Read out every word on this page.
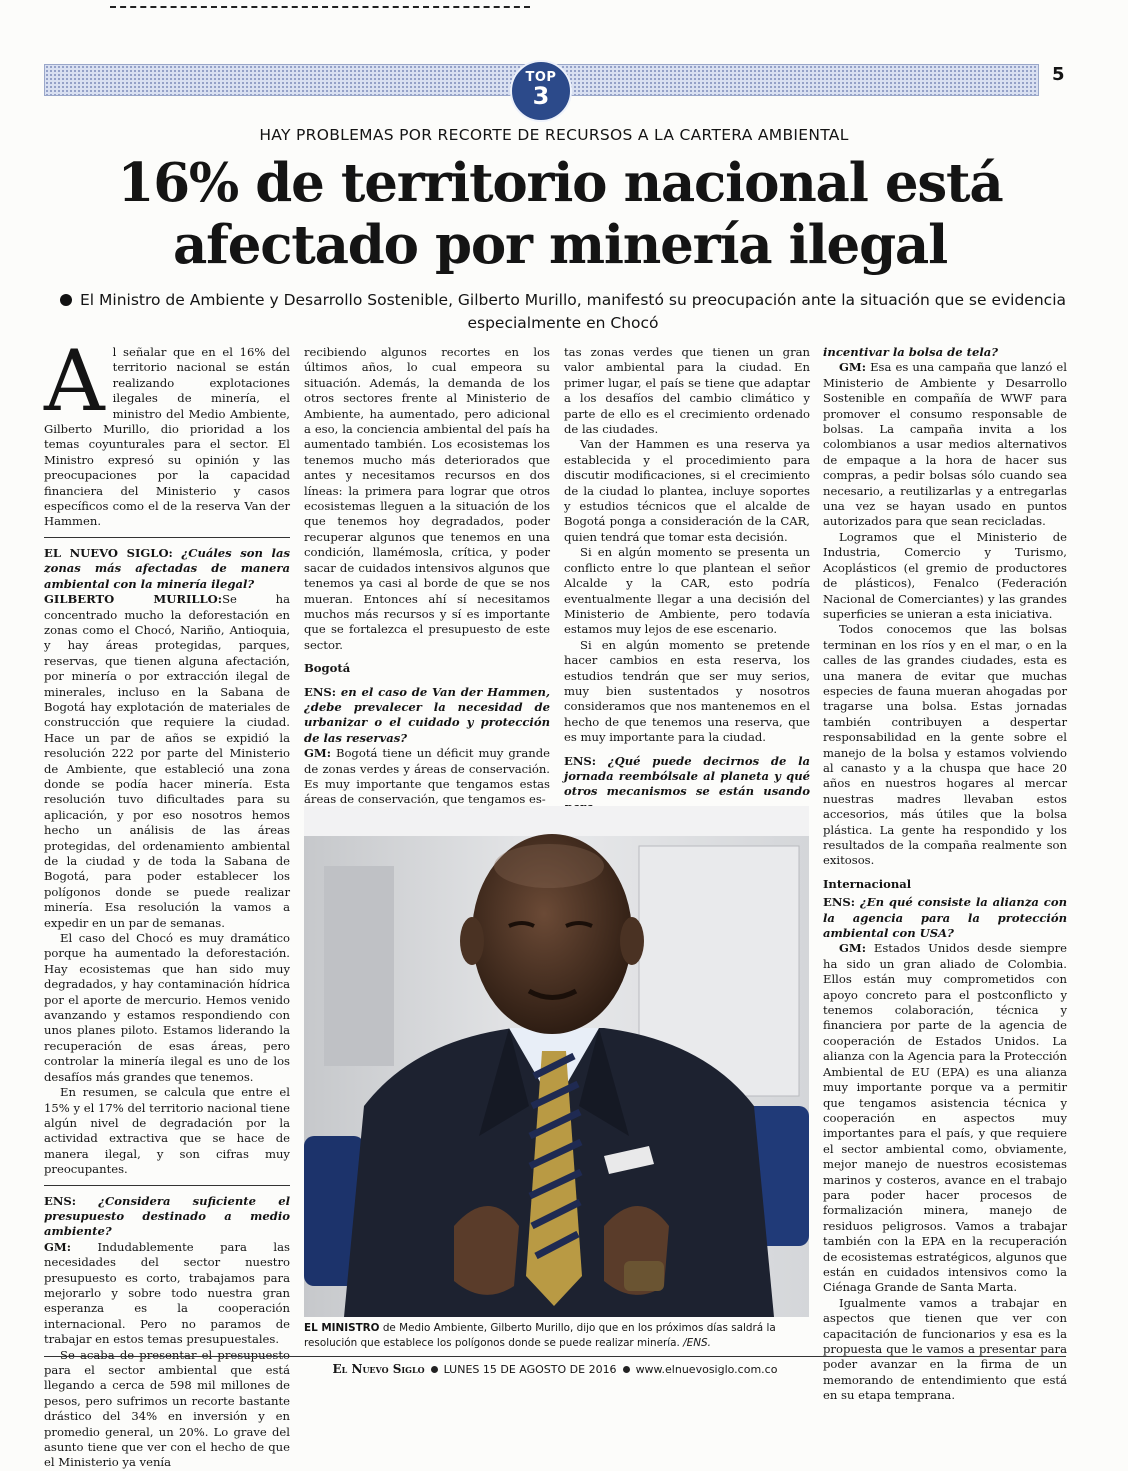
TOP
3
5
HAY PROBLEMAS POR RECORTE DE RECURSOS A LA CARTERA AMBIENTAL
16% de territorio nacional está afectado por minería ilegal
El Ministro de Ambiente y Desarrollo Sostenible, Gilberto Murillo, manifestó su preocupación ante la situación que se evidencia especialmente en Chocó

Al señalar que en el 16% del territorio nacional se están realizando explotaciones ilegales de minería, el ministro del Medio Ambiente, Gilberto Murillo, dio prioridad a los temas coyunturales para el sector. El Ministro expresó su opinión y las preocupaciones por la capacidad financiera del Ministerio y casos específicos como el de la reserva Van der Hammen.

EL NUEVO SIGLO: ¿Cuáles son las zonas más afectadas de manera ambiental con la minería ilegal?

GILBERTO MURILLO:Se ha concentrado mucho la deforestación en zonas como el Chocó, Nariño, Antioquia, y hay áreas protegidas, parques, reservas, que tienen alguna afectación, por minería o por extracción ilegal de minerales, incluso en la Sabana de Bogotá hay explotación de materiales de construcción que requiere la ciudad. Hace un par de años se expidió la resolución 222 por parte del Ministerio de Ambiente, que estableció una zona donde se podía hacer minería. Esta resolución tuvo dificultades para su aplicación, y por eso nosotros hemos hecho un análisis de las áreas protegidas, del ordenamiento ambiental de la ciudad y de toda la Sabana de Bogotá, para poder establecer los polígonos donde se puede realizar minería. Esa resolución la vamos a expedir en un par de semanas.

El caso del Chocó es muy dramático porque ha aumentado la deforestación. Hay ecosistemas que han sido muy degradados, y hay contaminación hídrica por el aporte de mercurio. Hemos venido avanzando y estamos respondiendo con unos planes piloto. Estamos liderando la recuperación de esas áreas, pero controlar la minería ilegal es uno de los desafíos más grandes que tenemos.

En resumen, se calcula que entre el 15% y el 17% del territorio nacional tiene algún nivel de degradación por la actividad extractiva que se hace de manera ilegal, y son cifras muy preocupantes.

ENS: ¿Considera suficiente el presupuesto destinado a medio ambiente?

GM: Indudablemente para las necesidades del sector nuestro presupuesto es corto, trabajamos para mejorarlo y sobre todo nuestra gran esperanza es la cooperación internacional. Pero no paramos de trabajar en estos temas presupuestales.

Se acaba de presentar el presupuesto para el sector ambiental que está llegando a cerca de 598 mil millones de pesos, pero sufrimos un recorte bastante drástico del 34% en inversión y en promedio general, un 20%. Lo grave del asunto tiene que ver con el hecho de que el Ministerio ya venía

recibiendo algunos recortes en los últimos años, lo cual empeora su situación. Además, la demanda de los otros sectores frente al Ministerio de Ambiente, ha aumentado, pero adicional a eso, la conciencia ambiental del país ha aumentado también. Los ecosistemas los tenemos mucho más deteriorados que antes y necesitamos recursos en dos líneas: la primera para lograr que otros ecosistemas lleguen a la situación de los que tenemos hoy degradados, poder recuperar algunos que tenemos en una condición, llamémosla, crítica, y poder sacar de cuidados intensivos algunos que tenemos ya casi al borde de que se nos mueran. Entonces ahí sí necesitamos muchos más recursos y sí es importante que se fortalezca el presupuesto de este sector.

Bogotá

ENS: en el caso de Van der Hammen, ¿debe prevalecer la necesidad de urbanizar o el cuidado y protección de las reservas?

GM: Bogotá tiene un déficit muy grande de zonas verdes y áreas de conservación. Es muy importante que tengamos estas áreas de conservación, que tengamos es-

tas zonas verdes que tienen un gran valor ambiental para la ciudad. En primer lugar, el país se tiene que adaptar a los desafíos del cambio climático y parte de ello es el crecimiento ordenado de las ciudades.

Van der Hammen es una reserva ya establecida y el procedimiento para discutir modificaciones, si el crecimiento de la ciudad lo plantea, incluye soportes y estudios técnicos que el alcalde de Bogotá ponga a consideración de la CAR, quien tendrá que tomar esta decisión.

Si en algún momento se presenta un conflicto entre lo que plantean el señor Alcalde y la CAR, esto podría eventualmente llegar a una decisión del Ministerio de Ambiente, pero todavía estamos muy lejos de ese escenario.

Si en algún momento se pretende hacer cambios en esta reserva, los estudios tendrán que ser muy serios, muy bien sustentados y nosotros consideramos que nos mantenemos en el hecho de que tenemos una reserva, que es muy importante para la ciudad.

ENS: ¿Qué puede decirnos de la jornada reembólsale al planeta y qué otros mecanismos se están usando

incentivar la bolsa de tela?

GM: Esa es una campaña que lanzó el Ministerio de Ambiente y Desarrollo Sostenible en compañía de WWF para promover el consumo responsable de bolsas. La campaña invita a los colombianos a usar medios alternativos de empaque a la hora de hacer sus compras, a pedir bolsas sólo cuando sea necesario, a reutilizarlas y a entregarlas una vez se hayan usado en puntos autorizados para que sean recicladas.

Logramos que el Ministerio de Industria, Comercio y Turismo, Acoplásticos (el gremio de productores de plásticos), Fenalco (Federación Nacional de Comerciantes) y las grandes superficies se unieran a esta iniciativa.

Todos conocemos que las bolsas terminan en los ríos y en el mar, o en la calles de las grandes ciudades, esta es una manera de evitar que muchas especies de fauna mueran ahogadas por tragarse una bolsa. Estas jornadas también contribuyen a despertar responsabilidad en la gente sobre el manejo de la bolsa y estamos volviendo al canasto y a la chuspa que hace 20 años en nuestros hogares al mercar nuestras madres llevaban estos accesorios, más útiles que la bolsa plástica. La gente ha respondido y los resultados de la compaña realmente son exitosos.

Internacional

ENS: ¿En qué consiste la alianza con la agencia para la protección ambiental con USA?

GM: Estados Unidos desde siempre ha sido un gran aliado de Colombia. Ellos están muy comprometidos con apoyo concreto para el postconflicto y tenemos colaboración, técnica y financiera por parte de la agencia de cooperación de Estados Unidos. La alianza con la Agencia para la Protección Ambiental de EU (EPA) es una alianza muy importante porque va a permitir que tengamos asistencia técnica y cooperación en aspectos muy importantes para el país, y que requiere el sector ambiental como, obviamente, mejor manejo de nuestros ecosistemas marinos y costeros, avance en el trabajo para poder hacer procesos de formalización minera, manejo de residuos peligrosos. Vamos a trabajar también con la EPA en la recuperación de ecosistemas estratégicos, algunos que están en cuidados intensivos como la Ciénaga Grande de Santa Marta.

Igualmente vamos a trabajar en aspectos que tienen que ver con capacitación de funcionarios y esa es la propuesta que le vamos a presentar para poder avanzar en la firma de un memorando de entendimiento que está en su etapa temprana.

EL MINISTRO de Medio Ambiente, Gilberto Murillo, dijo que en los próximos días saldrá la resolución que establece los polígonos donde se puede realizar minería. /ENS.
El Nuevo Siglo LUNES 15 DE AGOSTO DE 2016 www.elnuevosiglo.com.co
